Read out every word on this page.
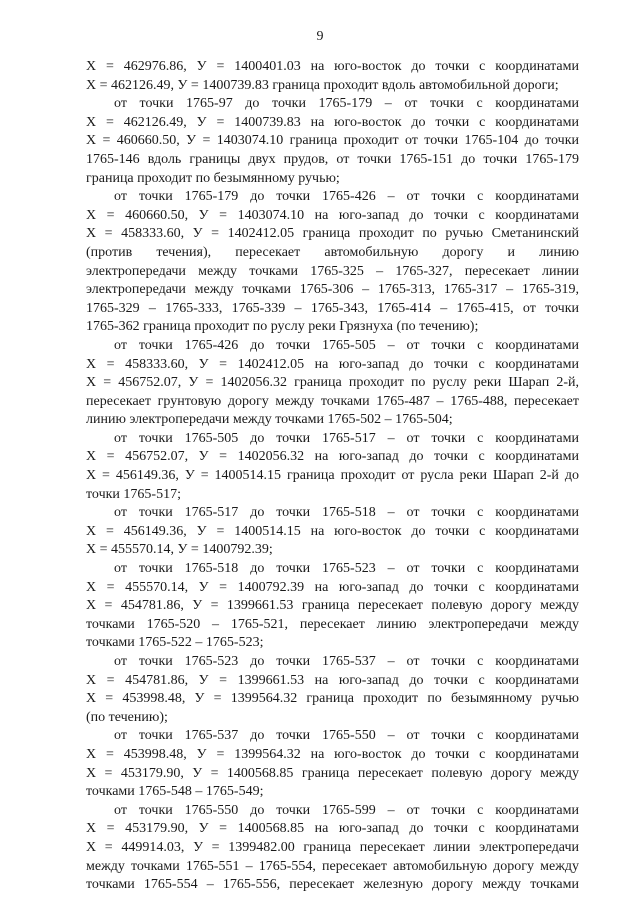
9

Х = 462976.86, У = 1400401.03 на юго-восток до точки с координатами
Х = 462126.49, У = 1400739.83 граница проходит вдоль автомобильной дороги;

от точки 1765-97 до точки 1765-179 – от точки с координатами
Х = 462126.49, У = 1400739.83 на юго-восток до точки с координатами
Х = 460660.50, У = 1403074.10 граница проходит от точки 1765-104 до точки
1765-146 вдоль границы двух прудов, от точки 1765-151 до точки 1765-179
граница проходит по безымянному ручью;

от точки 1765-179 до точки 1765-426 – от точки с координатами
Х = 460660.50, У = 1403074.10 на юго-запад до точки с координатами
Х = 458333.60, У = 1402412.05 граница проходит по ручью Сметанинский
(против течения), пересекает автомобильную дорогу и линию
электропередачи между точками 1765-325 – 1765-327, пересекает линии
электропередачи между точками 1765-306 – 1765-313, 1765-317 – 1765-319,
1765-329 – 1765-333, 1765-339 – 1765-343, 1765-414 – 1765-415, от точки
1765-362 граница проходит по руслу реки Грязнуха (по течению);

от точки 1765-426 до точки 1765-505 – от точки с координатами
Х = 458333.60, У = 1402412.05 на юго-запад до точки с координатами
Х = 456752.07, У = 1402056.32 граница проходит по руслу реки Шарап 2-й,
пересекает грунтовую дорогу между точками 1765-487 – 1765-488, пересекает
линию электропередачи между точками 1765-502 – 1765-504;

от точки 1765-505 до точки 1765-517 – от точки с координатами
Х = 456752.07, У = 1402056.32 на юго-запад до точки с координатами
Х = 456149.36, У = 1400514.15 граница проходит от русла реки Шарап 2-й до
точки 1765-517;

от точки 1765-517 до точки 1765-518 – от точки с координатами
Х = 456149.36, У = 1400514.15 на юго-восток до точки с координатами
Х = 455570.14, У = 1400792.39;

от точки 1765-518 до точки 1765-523 – от точки с координатами
Х = 455570.14, У = 1400792.39 на юго-запад до точки с координатами
Х = 454781.86, У = 1399661.53 граница пересекает полевую дорогу между
точками 1765-520 – 1765-521, пересекает линию электропередачи между
точками 1765-522 – 1765-523;

от точки 1765-523 до точки 1765-537 – от точки с координатами
Х = 454781.86, У = 1399661.53 на юго-запад до точки с координатами
Х = 453998.48, У = 1399564.32 граница проходит по безымянному ручью
(по течению);

от точки 1765-537 до точки 1765-550 – от точки с координатами
Х = 453998.48, У = 1399564.32 на юго-восток до точки с координатами
Х = 453179.90, У = 1400568.85 граница пересекает полевую дорогу между
точками 1765-548 – 1765-549;

от точки 1765-550 до точки 1765-599 – от точки с координатами
Х = 453179.90, У = 1400568.85 на юго-запад до точки с координатами
Х = 449914.03, У = 1399482.00 граница пересекает линии электропередачи
между точками 1765-551 – 1765-554, пересекает автомобильную дорогу между
точками 1765-554 – 1765-556, пересекает железную дорогу между точками
